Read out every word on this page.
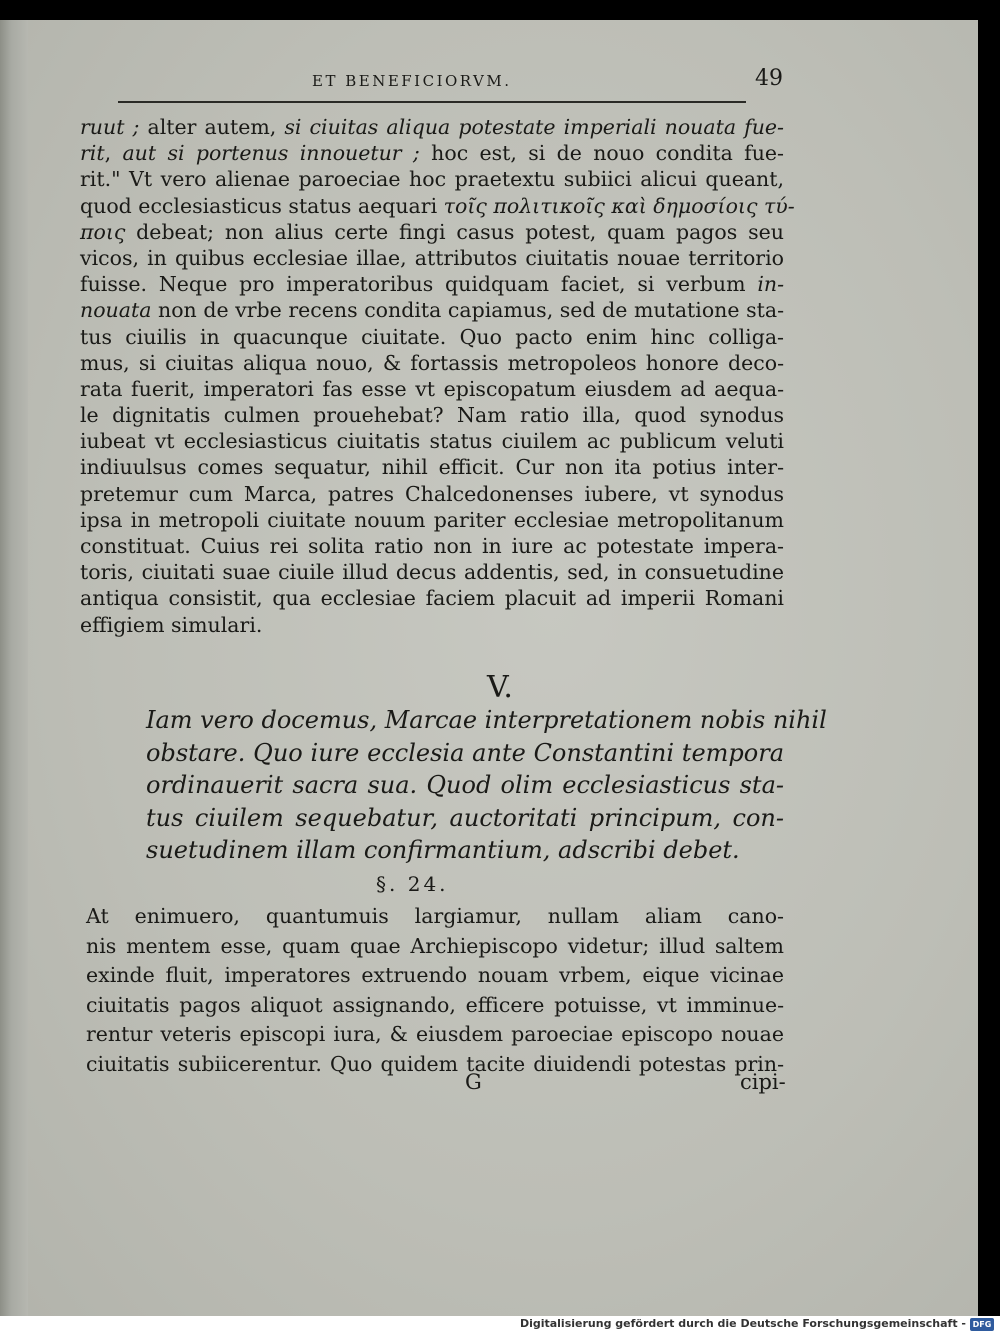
ET BENEFICIORVM.	49
ruut ; alter autem, si ciuitas aliqua potestate imperiali nouata fue-
rit, aut si portenus innouetur ; hoc est, si de nouo condita fue-
rit." Vt vero alienae paroeciae hoc praetextu subiici alicui queant,
quod ecclesiasticus status aequari τοῖς πολιτικοῖς καὶ δημοσίοις τύ-
ποις debeat; non alius certe fingi casus potest, quam pagos seu
vicos, in quibus ecclesiae illae, attributos ciuitatis nouae territorio
fuisse. Neque pro imperatoribus quidquam faciet, si verbum in-
nouata non de vrbe recens condita capiamus, sed de mutatione sta-
tus ciuilis in quacunque ciuitate. Quo pacto enim hinc colliga-
mus, si ciuitas aliqua nouo, & fortassis metropoleos honore deco-
rata fuerit, imperatori fas esse vt episcopatum eiusdem ad aequa-
le dignitatis culmen prouehebat? Nam ratio illa, quod synodus
iubeat vt ecclesiasticus ciuitatis status ciuilem ac publicum veluti
indiuulsus comes sequatur, nihil efficit. Cur non ita potius inter-
pretemur cum Marca, patres Chalcedonenses iubere, vt synodus
ipsa in metropoli ciuitate nouum pariter ecclesiae metropolitanum
constituat. Cuius rei solita ratio non in iure ac potestate impera-
toris, ciuitati suae ciuile illud decus addentis, sed, in consuetudine
antiqua consistit, qua ecclesiae faciem placuit ad imperii Romani
effigiem simulari.
V.
Iam vero docemus, Marcae interpretationem nobis nihil
obstare. Quo iure ecclesia ante Constantini tempora
ordinauerit sacra sua. Quod olim ecclesiasticus sta-
tus ciuilem sequebatur, auctoritati principum, con-
suetudinem illam confirmantium, adscribi debet.
§. 24.
At enimuero, quantumuis largiamur, nullam aliam cano-
nis mentem esse, quam quae Archiepiscopo videtur; illud saltem
exinde fluit, imperatores extruendo nouam vrbem, eique vicinae
ciuitatis pagos aliquot assignando, efficere potuisse, vt imminue-
rentur veteris episcopi iura, & eiusdem paroeciae episcopo nouae
ciuitatis subiicerentur. Quo quidem tacite diuidendi potestas prin-
G	cipi-
Digitalisierung gefördert durch die Deutsche Forschungsgemeinschaft - DFG
